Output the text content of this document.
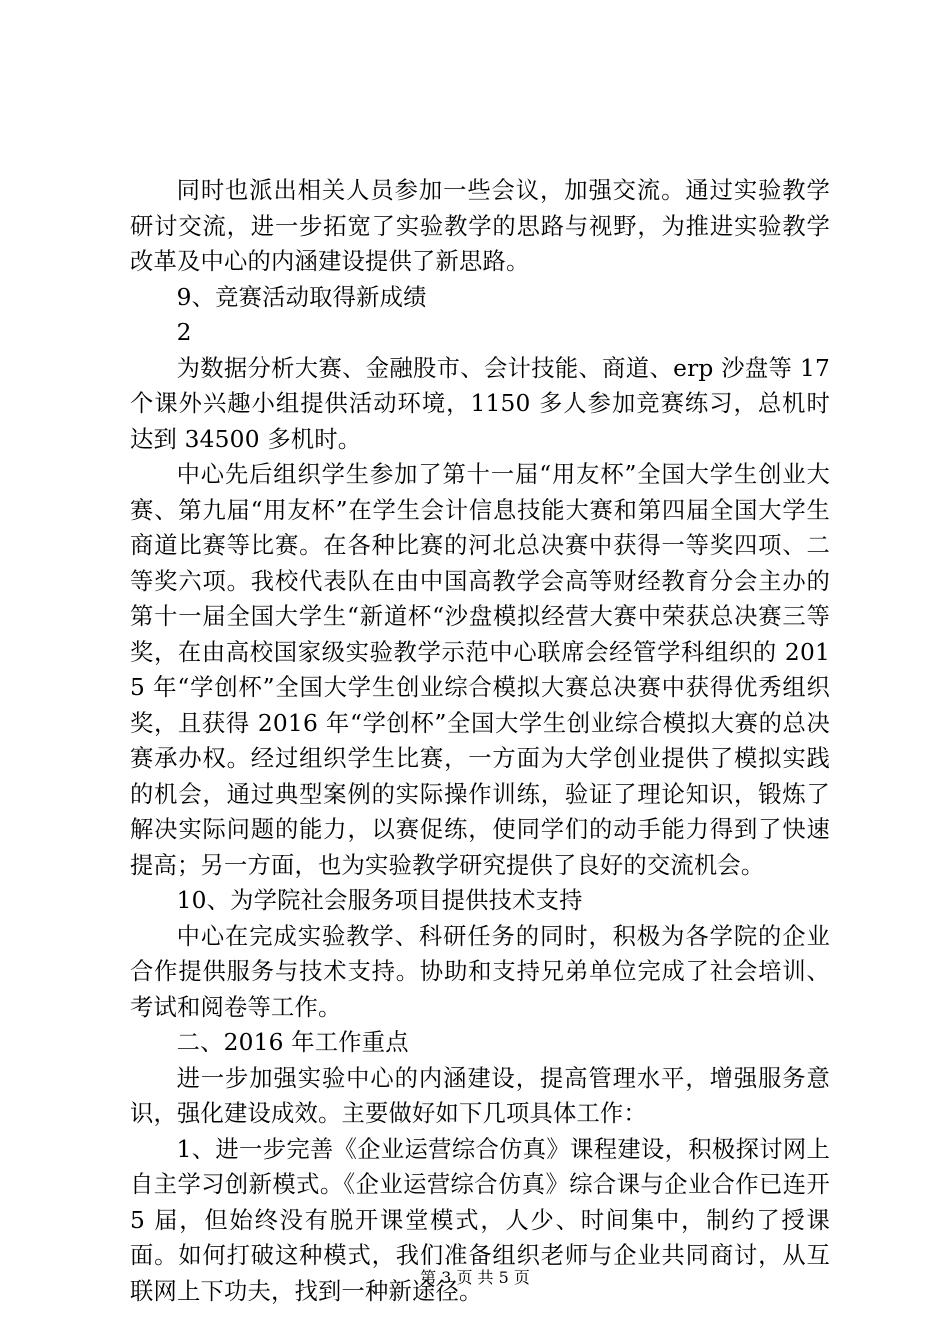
同时也派出相关人员参加一些会议，加强交流。通过实验教学研讨交流，进一步拓宽了实验教学的思路与视野，为推进实验教学改革及中心的内涵建设提供了新思路。

9、竞赛活动取得新成绩

2

为数据分析大赛、金融股市、会计技能、商道、erp 沙盘等 17 个课外兴趣小组提供活动环境，1150 多人参加竞赛练习，总机时达到 34500 多机时。

中心先后组织学生参加了第十一届“用友杯”全国大学生创业大赛、第九届“用友杯”在学生会计信息技能大赛和第四届全国大学生商道比赛等比赛。在各种比赛的河北总决赛中获得一等奖四项、二等奖六项。我校代表队在由中国高教学会高等财经教育分会主办的第十一届全国大学生“新道杯“沙盘模拟经营大赛中荣获总决赛三等奖，在由高校国家级实验教学示范中心联席会经管学科组织的 2015 年“学创杯”全国大学生创业综合模拟大赛总决赛中获得优秀组织奖，且获得 2016 年“学创杯”全国大学生创业综合模拟大赛的总决赛承办权。经过组织学生比赛，一方面为大学创业提供了模拟实践的机会，通过典型案例的实际操作训练，验证了理论知识，锻炼了解决实际问题的能力，以赛促练，使同学们的动手能力得到了快速提高；另一方面，也为实验教学研究提供了良好的交流机会。

10、为学院社会服务项目提供技术支持

中心在完成实验教学、科研任务的同时，积极为各学院的企业合作提供服务与技术支持。协助和支持兄弟单位完成了社会培训、考试和阅卷等工作。

二、2016 年工作重点

进一步加强实验中心的内涵建设，提高管理水平，增强服务意识，强化建设成效。主要做好如下几项具体工作：

1、进一步完善《企业运营综合仿真》课程建设，积极探讨网上自主学习创新模式。《企业运营综合仿真》综合课与企业合作已连开 5 届，但始终没有脱开课堂模式，人少、时间集中，制约了授课面。如何打破这种模式，我们准备组织老师与企业共同商讨，从互联网上下功夫，找到一种新途径。

第 3 页 共 5 页
